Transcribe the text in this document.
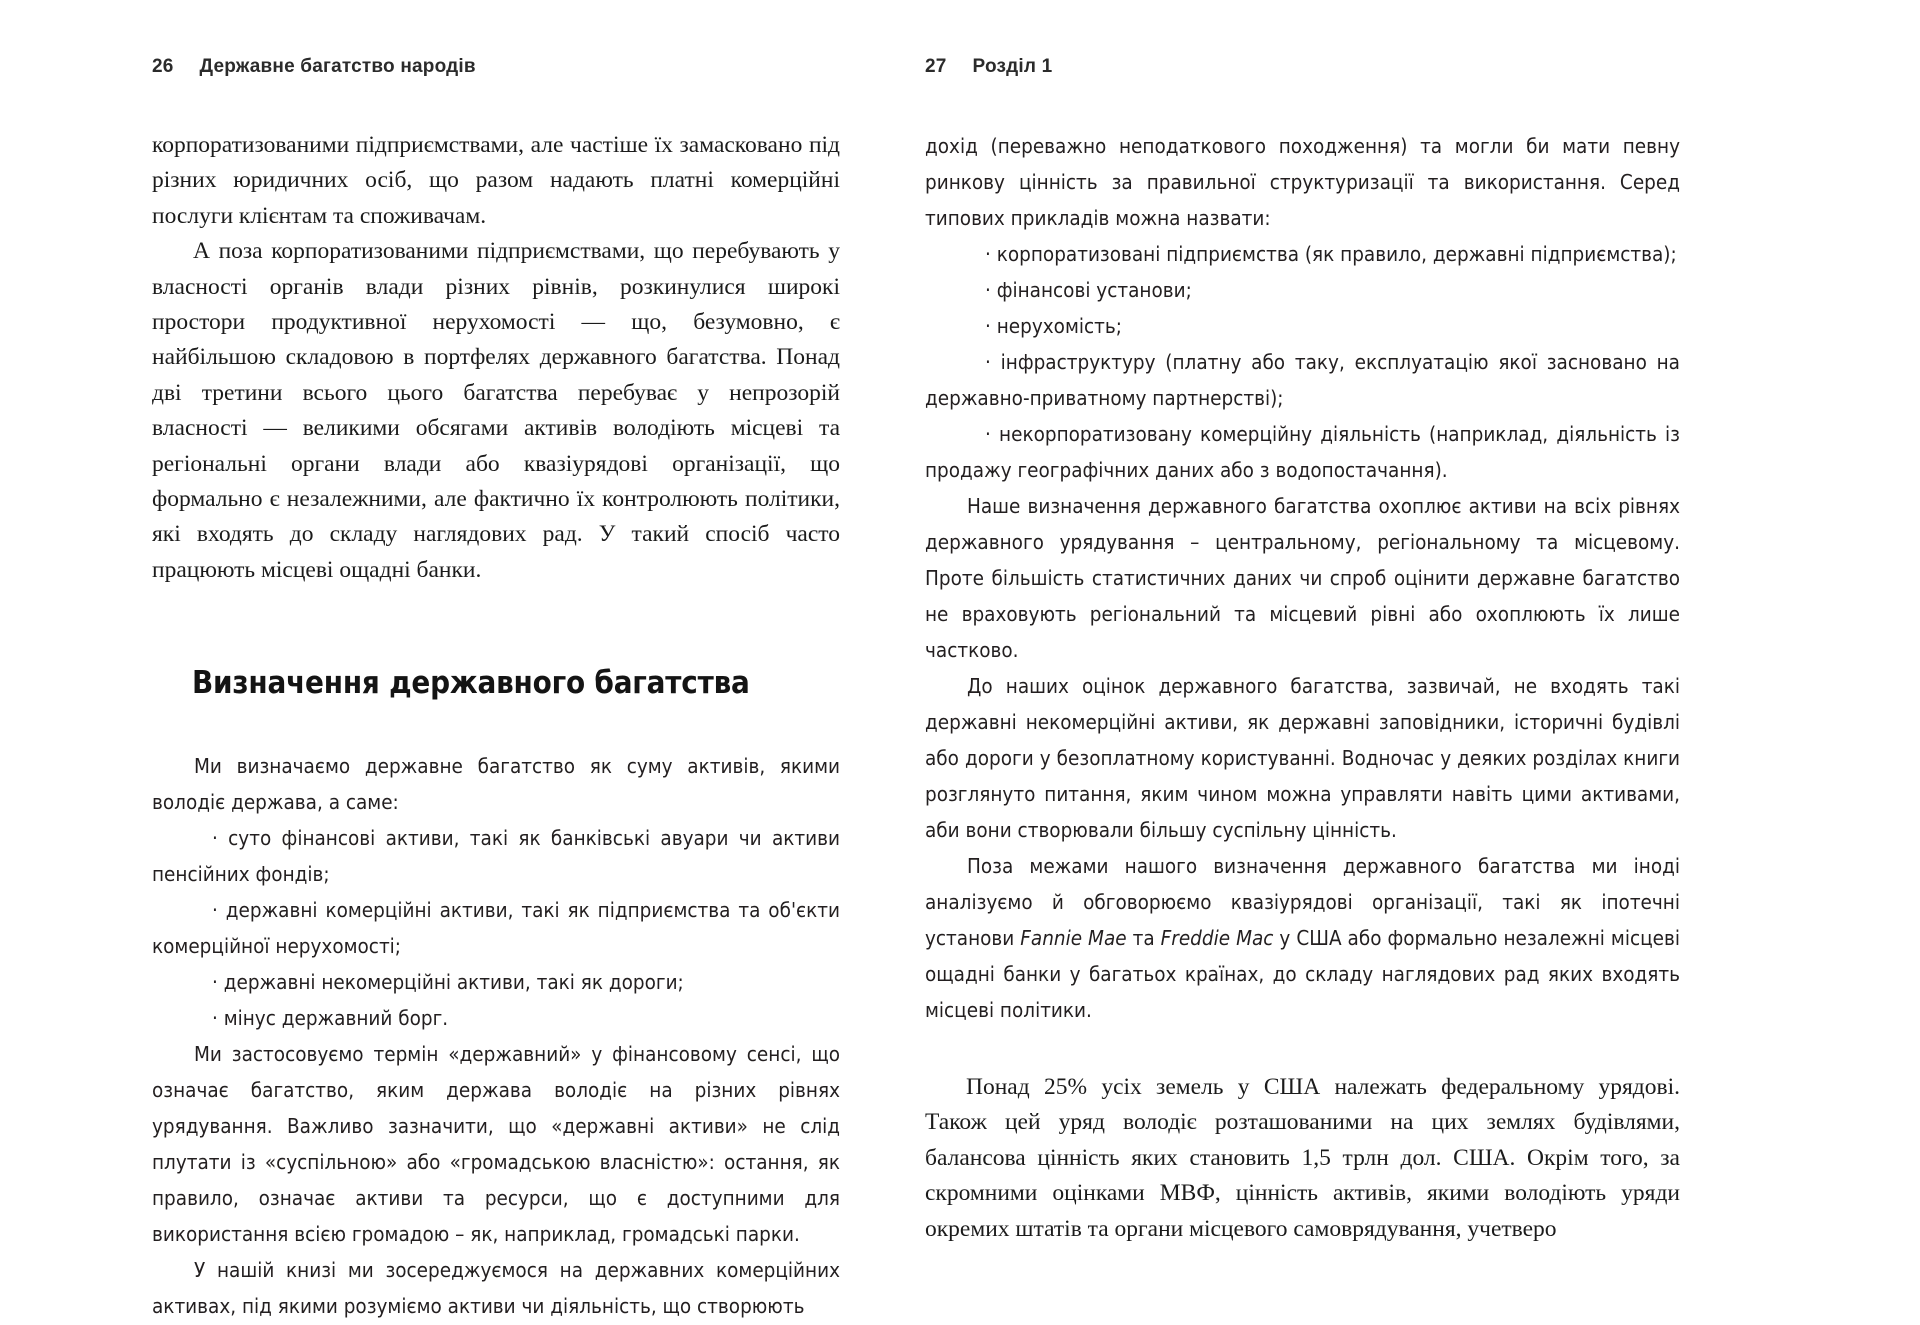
26 Державне багатство народів

корпоратизованими підприємствами, але частіше їх замасковано під різних юридичних осіб, що разом надають платні комерційні послуги клієнтам та споживачам.

А поза корпоратизованими підприємствами, що перебувають у власності органів влади різних рівнів, розкинулися широкі простори продуктивної нерухомості — що, безумовно, є найбільшою складовою в портфелях державного багатства. Понад дві третини всього цього багатства перебуває у непрозорій власності — великими обсягами активів володіють місцеві та регіональні органи влади або квазіурядові організації, що формально є незалежними, але фактично їх контролюють політики, які входять до складу наглядових рад. У такий спосіб часто працюють місцеві ощадні банки.

Визначення державного багатства

Ми визначаємо державне багатство як суму активів, якими володіє держава, а саме:

· суто фінансові активи, такі як банківські авуари чи активи пенсійних фондів;

· державні комерційні активи, такі як підприємства та об'єкти комерційної нерухомості;

· державні некомерційні активи, такі як дороги;

· мінус державний борг.

Ми застосовуємо термін «державний» у фінансовому сенсі, що означає багатство, яким держава володіє на різних рівнях урядування. Важливо зазначити, що «державні активи» не слід плутати із «суспільною» або «громадською власністю»: остання, як правило, означає активи та ресурси, що є доступними для використання всією громадою – як, наприклад, громадські парки.

У нашій книзі ми зосереджуємося на державних комерційних активах, під якими розуміємо активи чи діяльність, що створюють

27 Розділ 1

дохід (переважно неподаткового походження) та могли би мати певну ринкову цінність за правильної структуризації та використання. Серед типових прикладів можна назвати:

· корпоратизовані підприємства (як правило, державні підприємства);

· фінансові установи;

· нерухомість;

· інфраструктуру (платну або таку, експлуатацію якої засновано на державно-приватному партнерстві);

· некорпоратизовану комерційну діяльність (наприклад, діяльність із продажу географічних даних або з водопостачання).

Наше визначення державного багатства охоплює активи на всіх рівнях державного урядування – центральному, регіональному та місцевому. Проте більшість статистичних даних чи спроб оцінити державне багатство не враховують регіональний та місцевий рівні або охоплюють їх лише частково.

До наших оцінок державного багатства, зазвичай, не входять такі державні некомерційні активи, як державні заповідники, історичні будівлі або дороги у безоплатному користуванні. Водночас у деяких розділах книги розглянуто питання, яким чином можна управляти навіть цими активами, аби вони створювали більшу суспільну цінність.

Поза межами нашого визначення державного багатства ми іноді аналізуємо й обговорюємо квазіурядові організації, такі як іпотечні установи Fannie Mae та Freddie Mac у США або формально незалежні місцеві ощадні банки у багатьох країнах, до складу наглядових рад яких входять місцеві політики.

Понад 25% усіх земель у США належать федеральному урядові. Також цей уряд володіє розташованими на цих землях будівлями, балансова цінність яких становить 1,5 трлн дол. США. Окрім того, за скромними оцінками МВФ, цінність активів, якими володіють уряди окремих штатів та органи місцевого самоврядування, учетверо
